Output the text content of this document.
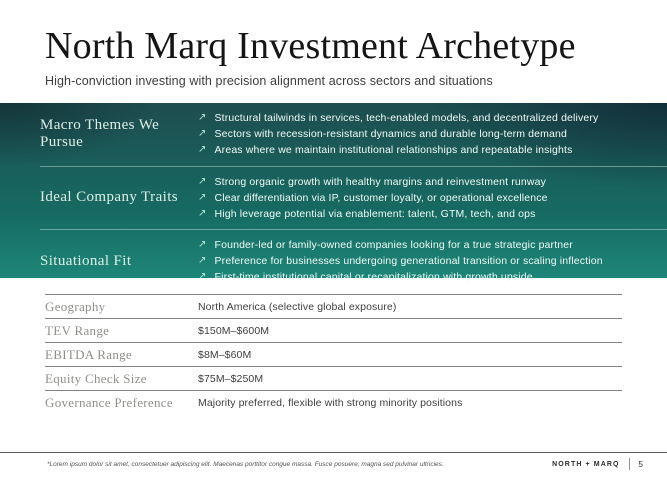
North Marq Investment Archetype
High-conviction investing with precision alignment across sectors and situations
Macro Themes We Pursue
↗ Structural tailwinds in services, tech-enabled models, and decentralized delivery
↗ Sectors with recession-resistant dynamics and durable long-term demand
↗ Areas where we maintain institutional relationships and repeatable insights
Ideal Company Traits
↗ Strong organic growth with healthy margins and reinvestment runway
↗ Clear differentiation via IP, customer loyalty, or operational excellence
↗ High leverage potential via enablement: talent, GTM, tech, and ops
Situational Fit
↗ Founder-led or family-owned companies looking for a true strategic partner
↗ Preference for businesses undergoing generational transition or scaling inflection
↗ First-time institutional capital or recapitalization with growth upside
Geography	North America (selective global exposure)
TEV Range	$150M–$600M
EBITDA Range	$8M–$60M
Equity Check Size	$75M–$250M
Governance Preference	Majority preferred, flexible with strong minority positions
*Lorem ipsum dolor sit amet, consectetuer adipiscing elit. Maecenas porttitor congue massa. Fusce posuere, magna sed pulvinar ultricies.	NORTH + MARQ 5
